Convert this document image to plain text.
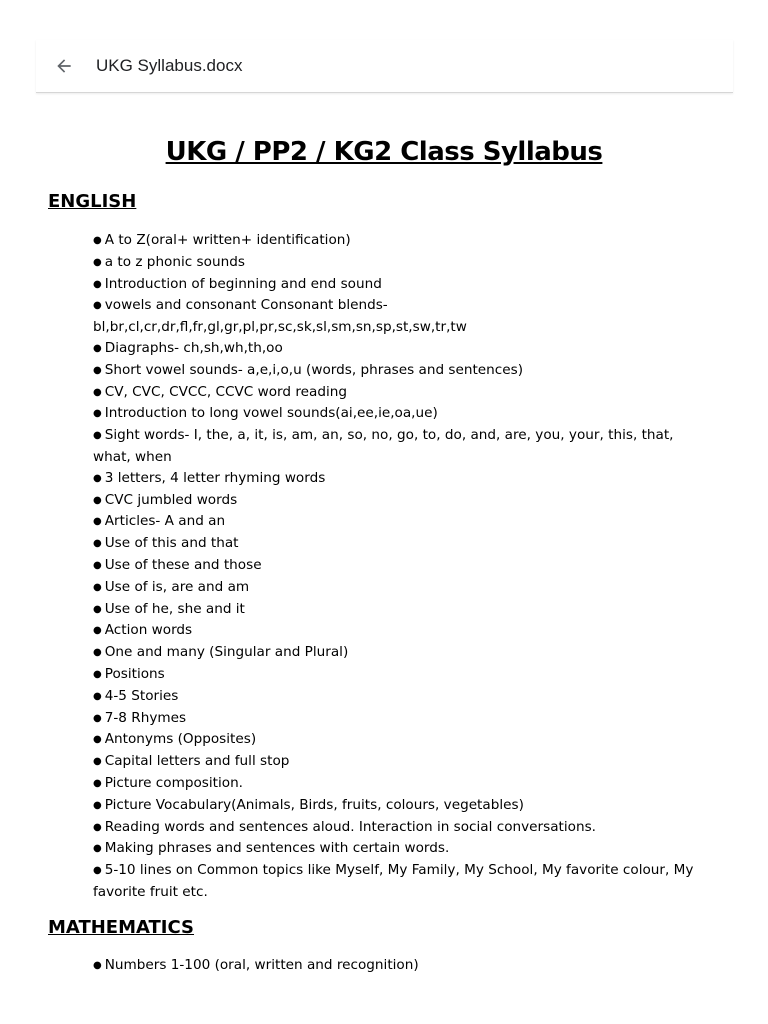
UKG Syllabus.docx
UKG / PP2 / KG2 Class Syllabus
ENGLISH
● A to Z(oral+ written+ identification)
● a to z phonic sounds
● Introduction of beginning and end sound
● vowels and consonant Consonant blends- bl,br,cl,cr,dr,fl,fr,gl,gr,pl,pr,sc,sk,sl,sm,sn,sp,st,sw,tr,tw
● Diagraphs- ch,sh,wh,th,oo
● Short vowel sounds- a,e,i,o,u (words, phrases and sentences)
● CV, CVC, CVCC, CCVC word reading
● Introduction to long vowel sounds(ai,ee,ie,oa,ue)
● Sight words- I, the, a, it, is, am, an, so, no, go, to, do, and, are, you, your, this, that, what, when
● 3 letters, 4 letter rhyming words
● CVC jumbled words
● Articles- A and an
● Use of this and that
● Use of these and those
● Use of is, are and am
● Use of he, she and it
● Action words
● One and many (Singular and Plural)
● Positions
● 4-5 Stories
● 7-8 Rhymes
● Antonyms (Opposites)
● Capital letters and full stop
● Picture composition.
● Picture Vocabulary(Animals, Birds, fruits, colours, vegetables)
● Reading words and sentences aloud. Interaction in social conversations.
● Making phrases and sentences with certain words.
● 5-10 lines on Common topics like Myself, My Family, My School, My favorite colour, My favorite fruit etc.
MATHEMATICS
● Numbers 1-100 (oral, written and recognition)
